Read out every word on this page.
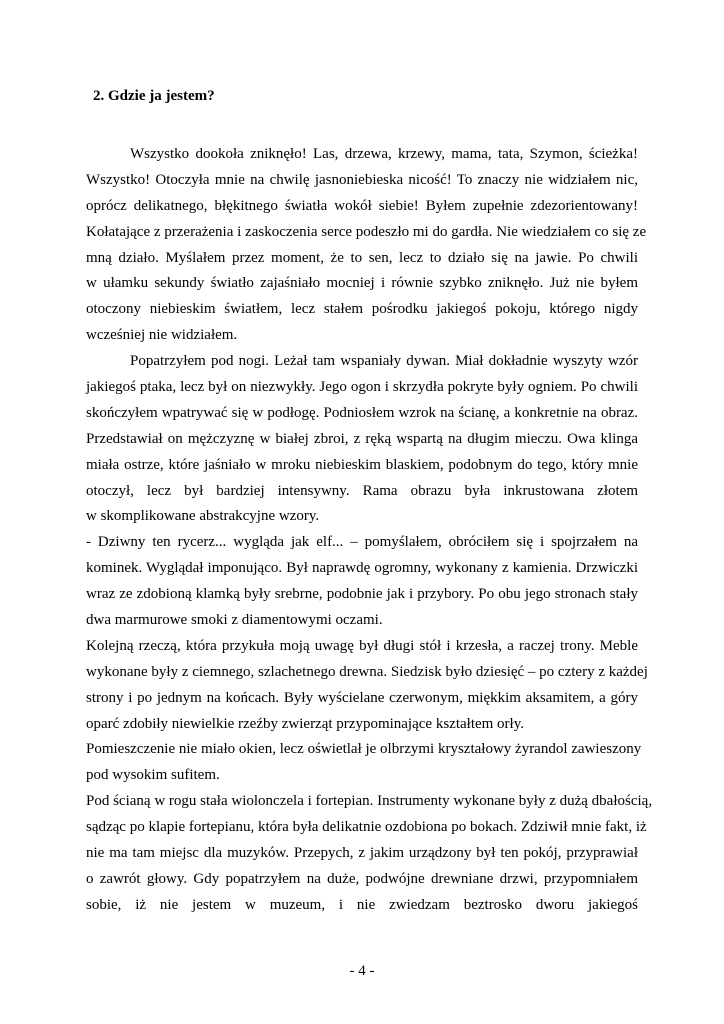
2. Gdzie ja jestem?
Wszystko dookoła zniknęło! Las, drzewa, krzewy, mama, tata, Szymon, ścieżka!
Wszystko! Otoczyła mnie na chwilę jasnoniebieska nicość! To znaczy nie widziałem nic,
oprócz delikatnego, błękitnego światła wokół siebie! Byłem zupełnie zdezorientowany!
Kołatające z przerażenia i zaskoczenia serce podeszło mi do gardła. Nie wiedziałem co się ze
mną działo. Myślałem przez moment, że to sen, lecz to działo się na jawie. Po chwili
w ułamku sekundy światło zajaśniało mocniej i równie szybko zniknęło. Już nie byłem
otoczony niebieskim światłem, lecz stałem pośrodku jakiegoś pokoju, którego nigdy
wcześniej nie widziałem.
Popatrzyłem pod nogi. Leżał tam wspaniały dywan. Miał dokładnie wyszyty wzór
jakiegoś ptaka, lecz był on niezwykły. Jego ogon i skrzydła pokryte były ogniem. Po chwili
skończyłem wpatrywać się w podłogę. Podniosłem wzrok na ścianę, a konkretnie na obraz.
Przedstawiał on mężczyznę w białej zbroi, z ręką wspartą na długim mieczu. Owa klinga
miała ostrze, które jaśniało w mroku niebieskim blaskiem, podobnym do tego, który mnie
otoczył, lecz był bardziej intensywny. Rama obrazu była inkrustowana złotem
w skomplikowane abstrakcyjne wzory.
- Dziwny ten rycerz... wygląda jak elf... – pomyślałem, obróciłem się i spojrzałem na
kominek. Wyglądał imponująco. Był naprawdę ogromny, wykonany z kamienia. Drzwiczki
wraz ze zdobioną klamką były srebrne, podobnie jak i przybory. Po obu jego stronach stały
dwa marmurowe smoki z diamentowymi oczami.
Kolejną rzeczą, która przykuła moją uwagę był długi stół i krzesła, a raczej trony. Meble
wykonane były z ciemnego, szlachetnego drewna. Siedzisk było dziesięć – po cztery z każdej
strony i po jednym na końcach. Były wyścielane czerwonym, miękkim aksamitem, a góry
oparć zdobiły niewielkie rzeźby zwierząt przypominające kształtem orły.
Pomieszczenie nie miało okien, lecz oświetlał je olbrzymi kryształowy żyrandol zawieszony
pod wysokim sufitem.
Pod ścianą w rogu stała wiolonczela i fortepian. Instrumenty wykonane były z dużą dbałością,
sądząc po klapie fortepianu, która była delikatnie ozdobiona po bokach. Zdziwił mnie fakt, iż
nie ma tam miejsc dla muzyków. Przepych, z jakim urządzony był ten pokój, przyprawiał
o zawrót głowy. Gdy popatrzyłem na duże, podwójne drewniane drzwi, przypomniałem
sobie, iż nie jestem w muzeum, i nie zwiedzam beztrosko dworu jakiegoś
- 4 -
